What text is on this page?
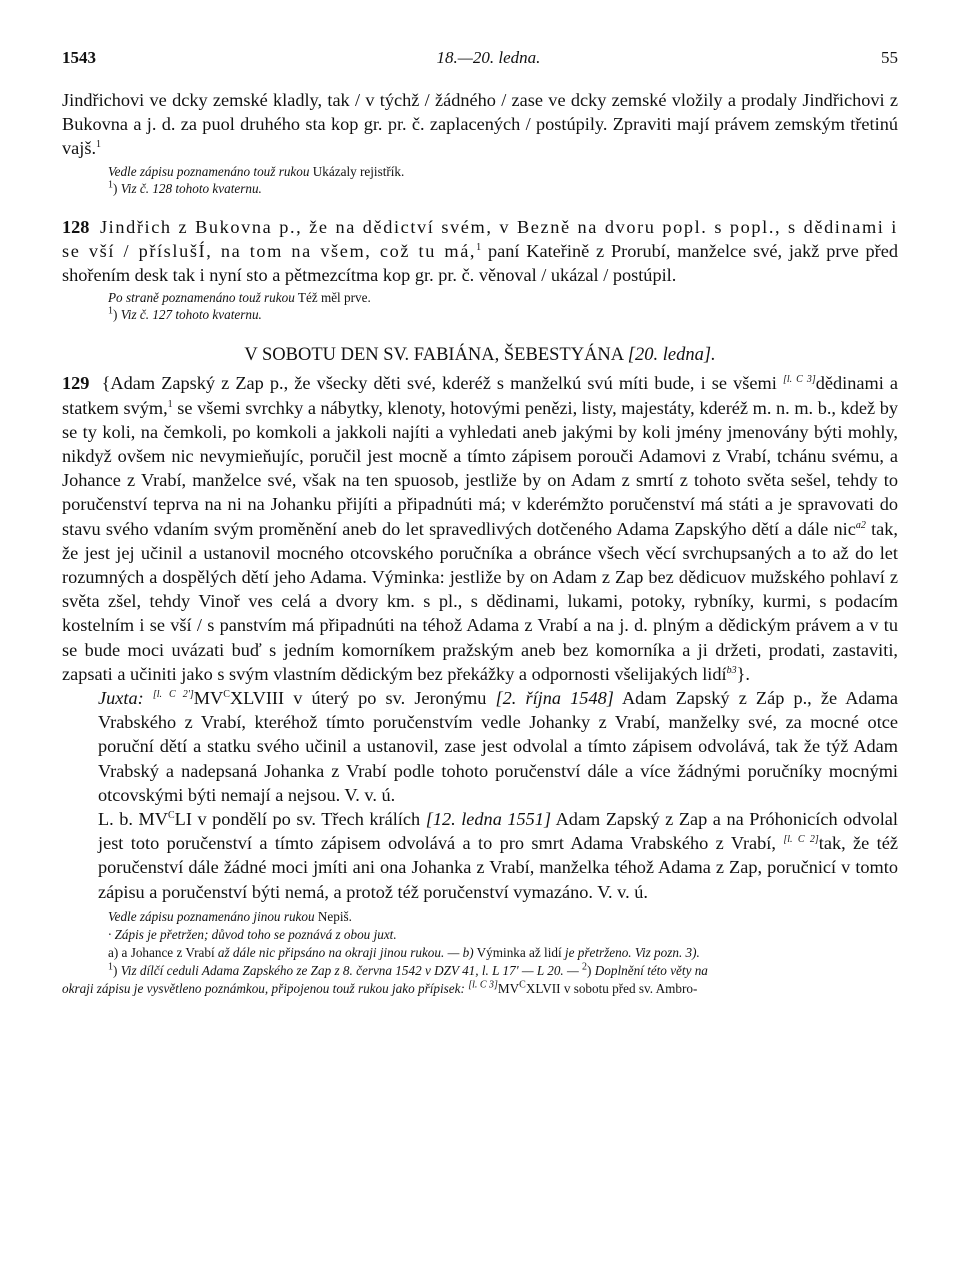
1543	18.—20. ledna.	55

Jindřichovi ve dcky zemské kladly, tak / v týchž / žádného / zase ve dcky zemské vložily a prodaly Jindřichovi z Bukovna a j. d. za puol druhého sta kop gr. pr. č. zaplacených / postúpily. Zpraviti mají právem zemským třetinú vajš.$^1$

Vedle zápisu poznamenáno touž rukou Ukázaly rejistřík.
$^1$) Viz č. 128 tohoto kvaternu.

128 Jindřich z Bukovna p., že na dědictví svém, v Bezně na dvoru popl. s popl., s dědinami i se vší / příslušÍ, na tom na všem, což tu má,$^1$ paní Kateřině z Prorubí, manželce své, jakž prve před shořením desk tak i nyní sto a pětmezcítma kop gr. pr. č. věnoval / ukázal / postúpil.

Po straně poznamenáno touž rukou Též měl prve.
$^1$) Viz č. 127 tohoto kvaternu.
V SOBOTU DEN SV. FABIÁNA, ŠEBESTYÁNA [20. ledna].

129 {Adam Zapský z Zap p., že všecky děti své, kderéž s manželkú svú míti bude, i se všemi [l. C 3]dědinami a statkem svým,$^1$ se všemi svrchky a nábytky, klenoty, hotovými penězi, listy, majestáty, kderéž m. n. m. b., kdež by se ty koli, na čemkoli, po komkoli a jakkoli najíti a vyhledati aneb jakými by koli jmény jmenovány býti mohly, nikdyž ovšem nic nevymieňujíc, poručil jest mocně a tímto zápisem porouči Adamovi z Vrabí, tchánu svému, a Johance z Vrabí, manželce své, však na ten spuosob, jestliže by on Adam z smrtí z tohoto světa sešel, tehdy to poručenství teprva na ni na Johanku přijíti a připadnúti má; v kderémžto poručenství má státi a je spravovati do stavu svého vdaním svým proměnění aneb do let spravedlivých dotčeného Adama Zapskýho dětí a dále nic$^{a2}$ tak, že jest jej učinil a ustanovil mocného otcovského poručníka a obránce všech věcí svrchupsaných a to až do let rozumných a dospělých dětí jeho Adama. Výminka: jestliže by on Adam z Zap bez dědicuov mužského pohlaví z světa zšel, tehdy Vinoř ves celá a dvory km. s pl., s dědinami, lukami, potoky, rybníky, kurmi, s podacím kostelním i se vší / s panstvím má připadnúti na téhož Adama z Vrabí a na j. d. plným a dědickým právem a v tu se bude moci uvázati buď s jedním komorníkem pražským aneb bez komorníka a ji držeti, prodati, zastaviti, zapsati a učiniti jako s svým vlastním dědickým bez překážky a odpornosti všelijakých lidí$^{b3}$}.

Juxta: $[l. C 2']MV^CXLVIII$ v úterý po sv. Jeronýmu [2. října 1548] Adam Zapský z Záp p., že Adama Vrabského z Vrabí, kteréhož tímto poručenstvím vedle Johanky z Vrabí, manželky své, za mocné otce poruční dětí a statku svého učinil a ustanovil, zase jest odvolal a tímto zápisem odvolává, tak že týž Adam Vrabský a nadepsaná Johanka z Vrabí podle tohoto poručenství dále a více žádnými poručníky mocnými otcovskými býti nemají a nejsou. V. v. ú.

L. b. $MV^CLI$ v pondělí po sv. Třech králích [12. ledna 1551] Adam Zapský z Zap a na Próhonicích odvolal jest toto poručenství a tímto zápisem odvolává a to pro smrt Adama Vrabského z Vrabí, [l. C 2]tak, že též poručenství dále žádné moci jmíti ani ona Johanka z Vrabí, manželka téhož Adama z Zap, poručnicí v tomto zápisu a poručenství býti nemá, a protož též poručenství vymazáno. V. v. ú.

Vedle zápisu poznamenáno jinou rukou Nepiš.

· Zápis je přetržen; důvod toho se poznává z obou juxt.

a) a Johance z Vrabí až dále nic připsáno na okraji jinou rukou. — b) Výminka až lidí je přetrženo. Viz pozn. 3).

$^1$) Viz dílčí ceduli Adama Zapského ze Zap z 8. června 1542 v DZV 41, l. L 17' — L 20. — $^2$) Doplnění této věty na

okraji zápisu je vysvětleno poznámkou, připojenou touž rukou jako přípisek: $[l. C 3]MV^CXLVII$ v sobotu před sv. Ambro-
